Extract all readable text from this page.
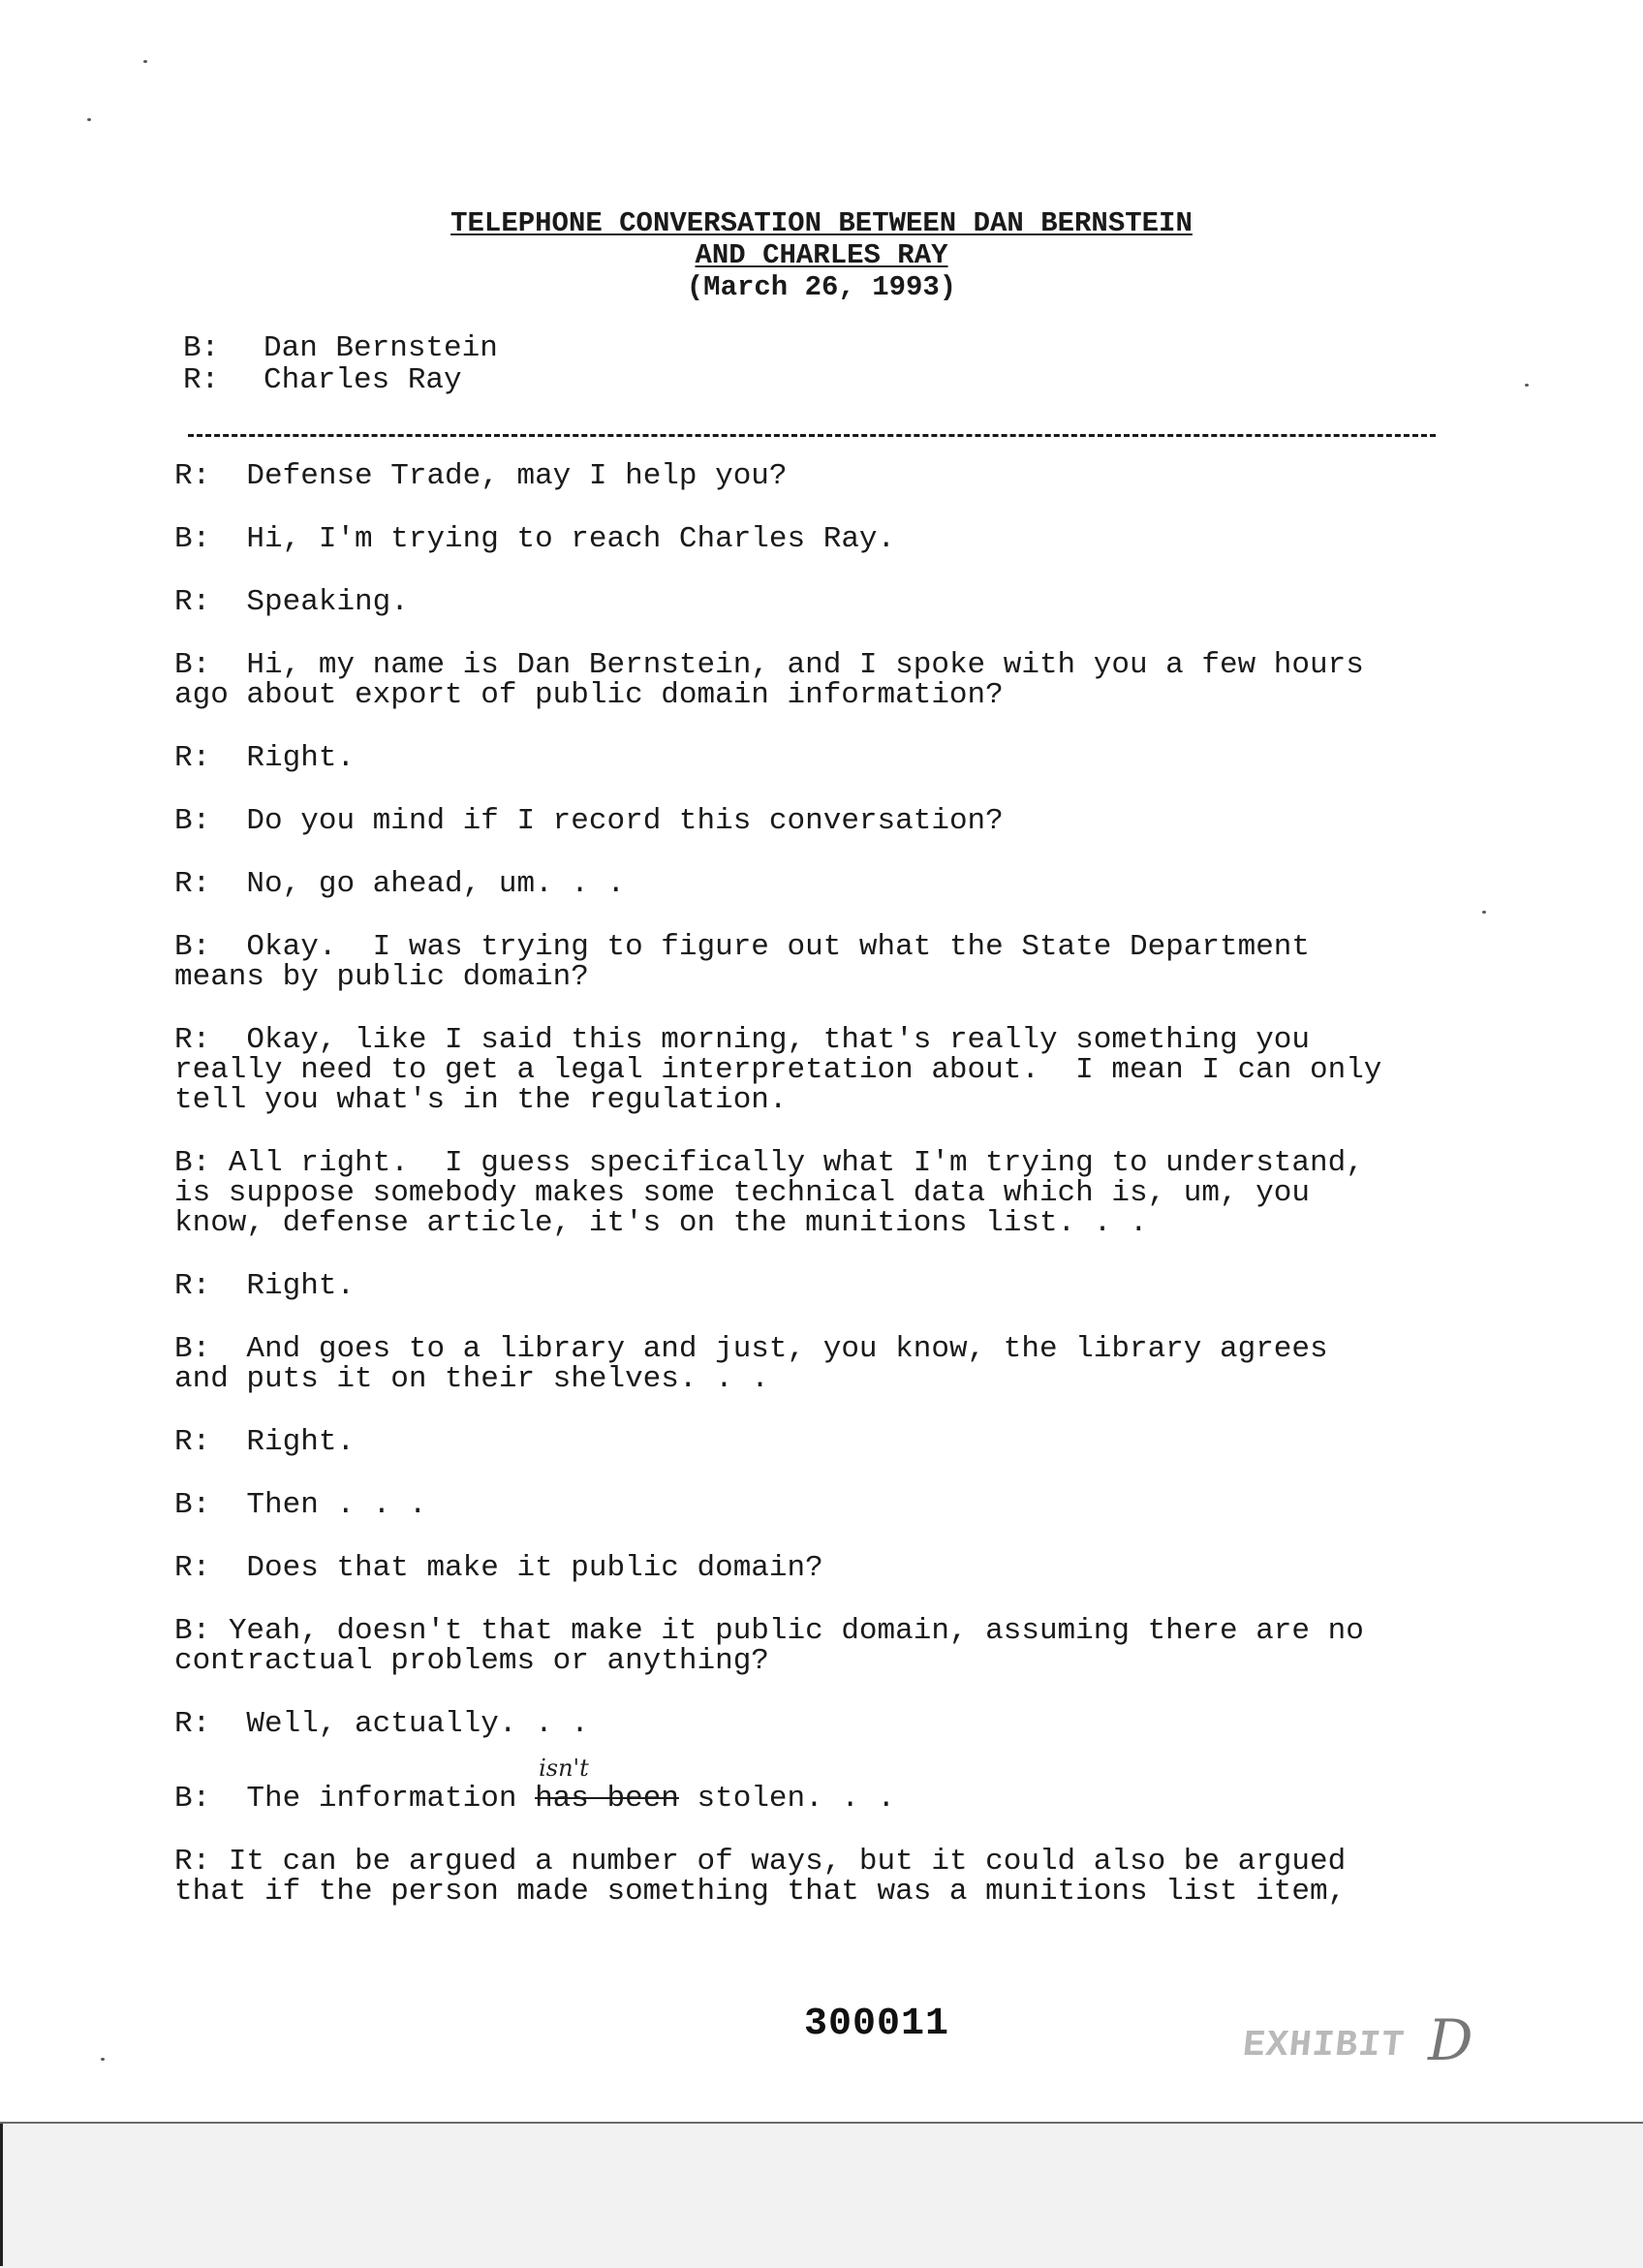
TELEPHONE CONVERSATION BETWEEN DAN BERNSTEIN
AND CHARLES RAY
(March 26, 1993)
B: Dan Bernstein
R: Charles Ray

R:  Defense Trade, may I help you?

B:  Hi, I'm trying to reach Charles Ray.

R:  Speaking.

B:  Hi, my name is Dan Bernstein, and I spoke with you a few hours
ago about export of public domain information?

R:  Right.

B:  Do you mind if I record this conversation?

R:  No, go ahead, um. . .

B:  Okay.  I was trying to figure out what the State Department
means by public domain?

R:  Okay, like I said this morning, that's really something you
really need to get a legal interpretation about.  I mean I can only
tell you what's in the regulation.

B: All right.  I guess specifically what I'm trying to understand,
is suppose somebody makes some technical data which is, um, you
know, defense article, it's on the munitions list. . .

R:  Right.

B:  And goes to a library and just, you know, the library agrees
and puts it on their shelves. . .

R:  Right.

B:  Then . . .

R:  Does that make it public domain?

B: Yeah, doesn't that make it public domain, assuming there are no
contractual problems or anything?

R:  Well, actually. . .

B:  The information has been
isn't
stolen. . .

R: It can be argued a number of ways, but it could also be argued
that if the person made something that was a munitions list item,

300011	EXHIBIT D
